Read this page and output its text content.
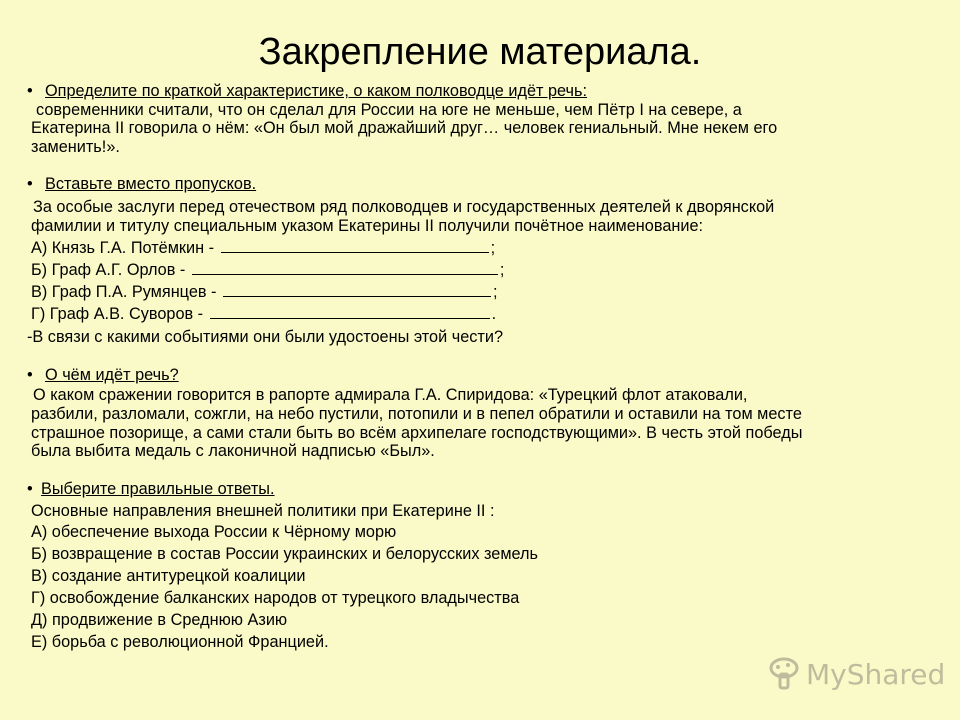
Закрепление материала.
• Определите по краткой характеристике, о каком полководце идёт речь:
современники считали, что он сделал для России на юге не меньше, чем Пётр I на севере, а
Екатерина II говорила о нём: «Он был мой дражайший друг… человек гениальный. Мне некем его
заменить!».
• Вставьте вместо пропусков.
За особые заслуги перед отечеством ряд полководцев и государственных деятелей к дворянской
фамилии и титулу специальным указом Екатерины II получили почётное наименование:
А) Князь Г.А. Потёмкин -	;
Б) Граф А.Г. Орлов -	;
В) Граф П.А. Румянцев -	;
Г) Граф А.В. Суворов -	.
-В связи с какими событиями они были удостоены этой чести?
• О чём идёт речь?
О каком сражении говорится в рапорте адмирала Г.А. Спиридова: «Турецкий флот атаковали,
разбили, разломали, сожгли, на небо пустили, потопили и в пепел обратили и оставили на том месте
страшное позорище, а сами стали быть во всём архипелаге господствующими». В честь этой победы
была выбита медаль с лаконичной надписью «Был».
• Выберите правильные ответы.
Основные направления внешней политики при Екатерине II :
А) обеспечение выхода России к Чёрному морю
Б) возвращение в состав России украинских и белорусских земель
В) создание антитурецкой коалиции
Г) освобождение балканских народов от турецкого владычества
Д) продвижение в Среднюю Азию
Е) борьба с революционной Францией.
MyShared
